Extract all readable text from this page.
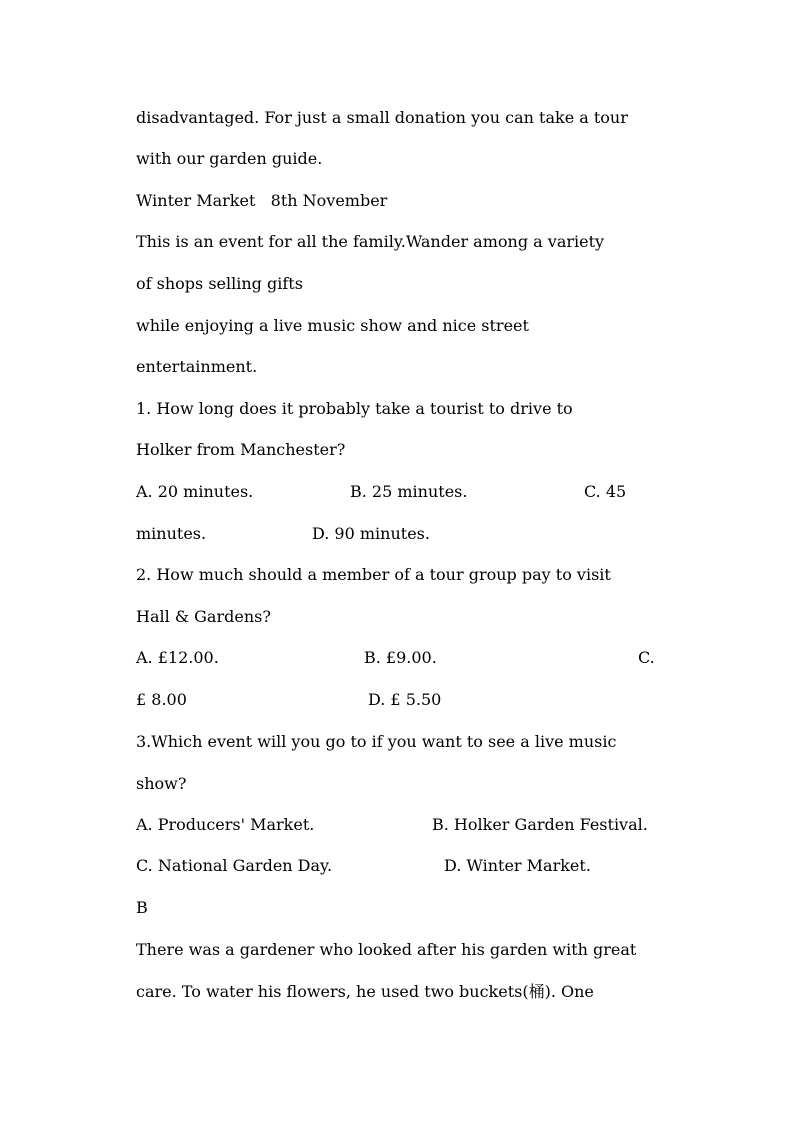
disadvantaged. For just a small donation you can take a tour
with our garden guide.
Winter Market   8th November
This is an event for all the family.Wander among a variety
of shops selling gifts
while enjoying a live music show and nice street
entertainment.
1. How long does it probably take a tourist to drive to
Holker from Manchester?

A. 20 minutes.

	B. 25 minutes.

	C. 45

minutes.

	D. 90 minutes.

2. How much should a member of a tour group pay to visit
Hall & Gardens?

A. £12.00.

	B. £9.00.

	C.

£ 8.00

	D. £ 5.50

3.Which event will you go to if you want to see a live music
show?

A. Producers' Market.

	B. Holker Garden Festival.

C. National Garden Day.

	D. Winter Market.

B
There was a gardener who looked after his garden with great
care. To water his flowers, he used two buckets(桶). One
